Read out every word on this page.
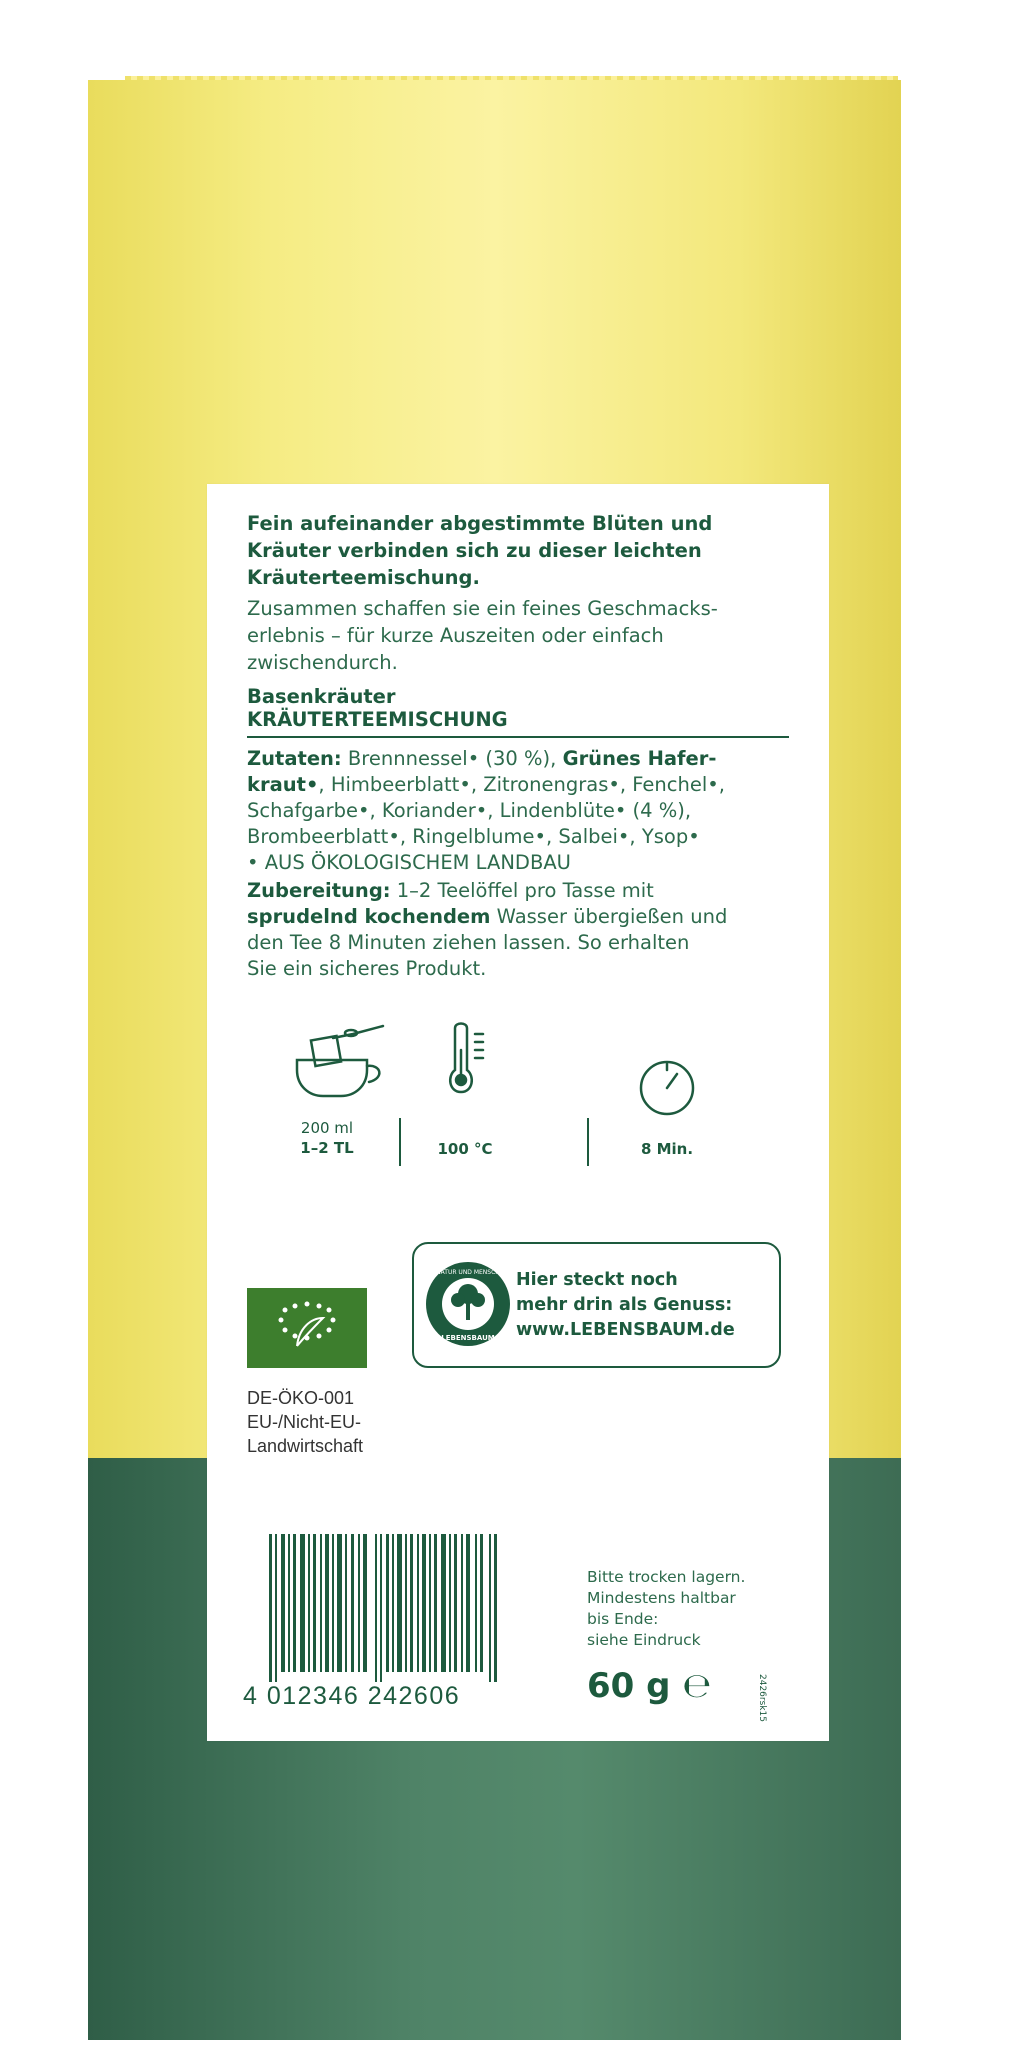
Fein aufeinander abgestimmte Blüten und
Kräuter verbinden sich zu dieser leichten
Kräuterteemischung.
Zusammen schaffen sie ein feines Geschmacks-
erlebnis – für kurze Auszeiten oder einfach
zwischendurch.
Basenkräuter
KRÄUTERTEEMISCHUNG
Zutaten: Brennnessel• (30 %), Grünes Hafer-
kraut•, Himbeerblatt•, Zitronengras•, Fenchel•,
Schafgarbe•, Koriander•, Lindenblüte• (4 %),
Brombeerblatt•, Ringelblume•, Salbei•, Ysop•
• AUS ÖKOLOGISCHEM LANDBAU
Zubereitung: 1–2 Teelöffel pro Tasse mit
sprudelnd kochendem Wasser übergießen und
den Tee 8 Minuten ziehen lassen. So erhalten
Sie ein sicheres Produkt.
200 ml
1–2 TL	100 °C	8 Min.
DE-ÖKO-001
EU-/Nicht-EU-
Landwirtschaft
NATUR UND MENSCH
LEBENSBAUM
Hier steckt noch
mehr drin als Genuss:
www.LEBENSBAUM.de
4 012346 242606
Bitte trocken lagern.
Mindestens haltbar
bis Ende:
siehe Eindruck
60 g ℮	2426rsk15
